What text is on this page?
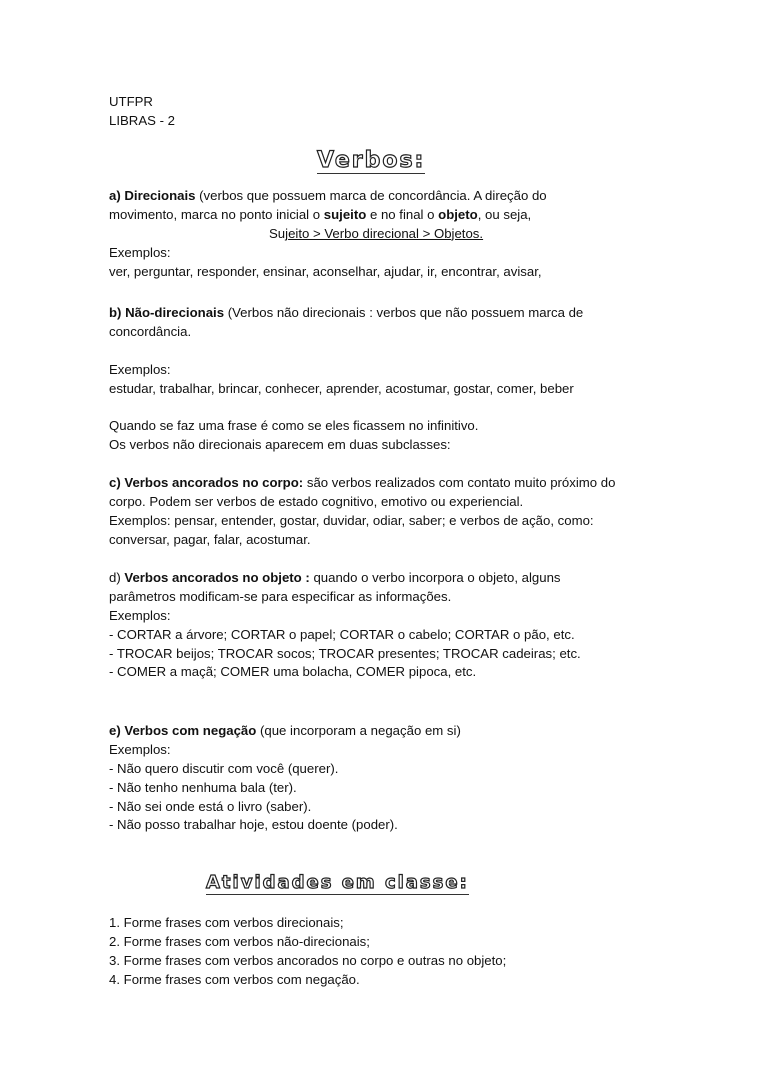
UTFPR
LIBRAS - 2
Verbos:
a) Direcionais (verbos que possuem marca de concordância. A direção do
movimento, marca no ponto inicial o sujeito e no final o objeto, ou seja,
Sujeito > Verbo direcional > Objetos.
Exemplos:
ver, perguntar, responder, ensinar, aconselhar, ajudar, ir, encontrar, avisar,
b) Não-direcionais (Verbos não direcionais : verbos que não possuem marca de
concordância.
Exemplos:
estudar, trabalhar, brincar, conhecer, aprender, acostumar, gostar, comer, beber
Quando se faz uma frase é como se eles ficassem no infinitivo.
Os verbos não direcionais aparecem em duas subclasses:
c) Verbos ancorados no corpo: são verbos realizados com contato muito próximo do
corpo. Podem ser verbos de estado cognitivo, emotivo ou experiencial.
Exemplos: pensar, entender, gostar, duvidar, odiar, saber; e verbos de ação, como:
conversar, pagar, falar, acostumar.
d) Verbos ancorados no objeto : quando o verbo incorpora o objeto, alguns
parâmetros modificam-se para especificar as informações.
Exemplos:
- CORTAR a árvore; CORTAR o papel; CORTAR o cabelo; CORTAR o pão, etc.
- TROCAR beijos; TROCAR socos; TROCAR presentes; TROCAR cadeiras; etc.
- COMER a maçã; COMER uma bolacha, COMER pipoca, etc.
e) Verbos com negação (que incorporam a negação em si)
Exemplos:
- Não quero discutir com você (querer).
- Não tenho nenhuma bala (ter).
- Não sei onde está o livro (saber).
- Não posso trabalhar hoje, estou doente (poder).
Atividades em classe:
1. Forme frases com verbos direcionais;
2. Forme frases com verbos não-direcionais;
3. Forme frases com verbos ancorados no corpo e outras no objeto;
4. Forme frases com verbos com negação.
